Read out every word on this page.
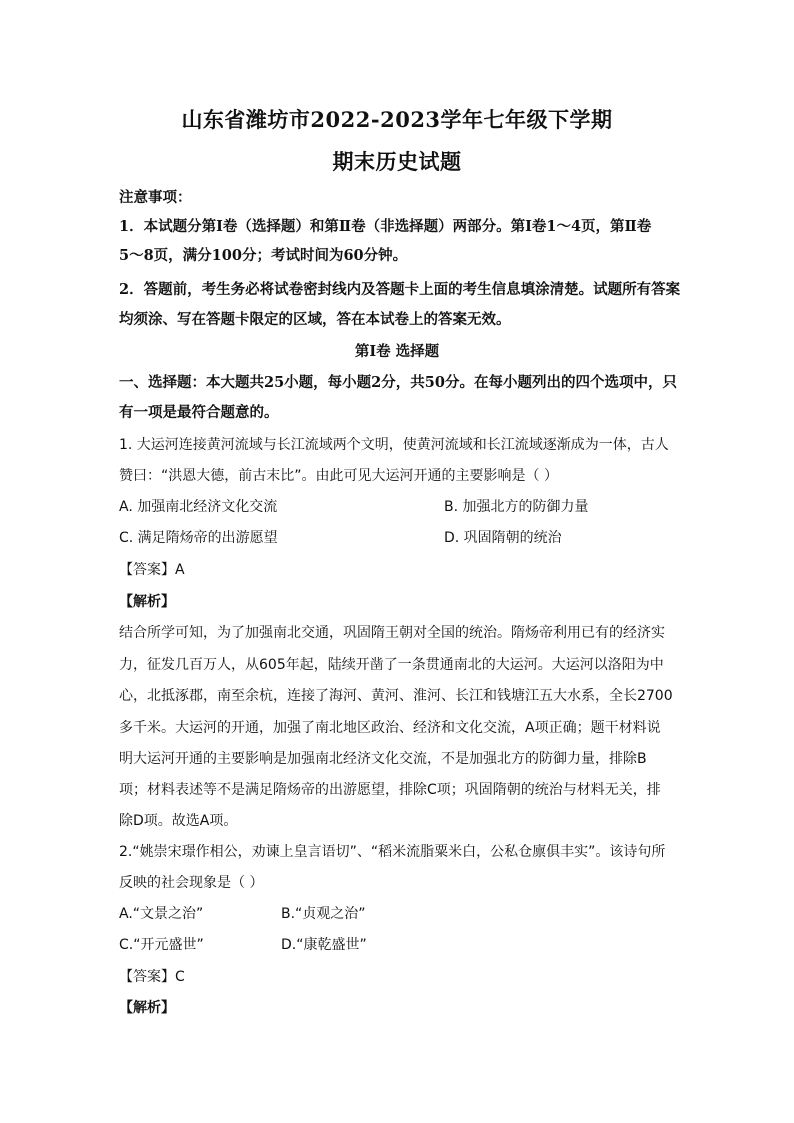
山东省潍坊市2022-2023学年七年级下学期
期末历史试题
注意事项：
1．本试题分第Ⅰ卷（选择题）和第Ⅱ卷（非选择题）两部分。第Ⅰ卷1～4页，第Ⅱ卷
5～8页，满分100分；考试时间为60分钟。
2．答题前，考生务必将试卷密封线内及答题卡上面的考生信息填涂清楚。试题所有答案
均须涂、写在答题卡限定的区域，答在本试卷上的答案无效。
第Ⅰ卷 选择题
一、选择题：本大题共25小题，每小题2分，共50分。在每小题列出的四个选项中，只
有一项是最符合题意的。
1. 大运河连接黄河流域与长江流域两个文明，使黄河流域和长江流域逐渐成为一体，古人
赞曰：“洪恩大德，前古末比”。由此可见大运河开通的主要影响是（ ）
A. 加强南北经济文化交流	B. 加强北方的防御力量
C. 满足隋炀帝的出游愿望	D. 巩固隋朝的统治
【答案】A
【解析】
结合所学可知，为了加强南北交通，巩固隋王朝对全国的统治。隋炀帝利用已有的经济实
力，征发几百万人，从605年起，陆续开凿了一条贯通南北的大运河。大运河以洛阳为中
心，北抵涿郡，南至余杭，连接了海河、黄河、淮河、长江和钱塘江五大水系，全长2700
多千米。大运河的开通，加强了南北地区政治、经济和文化交流，A项正确；题干材料说
明大运河开通的主要影响是加强南北经济文化交流，不是加强北方的防御力量，排除B
项；材料表述等不是满足隋炀帝的出游愿望，排除C项；巩固隋朝的统治与材料无关，排
除D项。故选A项。
2.“姚崇宋璟作相公，劝谏上皇言语切”、“稻米流脂粟米白，公私仓廪俱丰实”。该诗句所
反映的社会现象是（ ）
A.“文景之治”	B.“贞观之治”
C.“开元盛世”	D.“康乾盛世”
【答案】C
【解析】
